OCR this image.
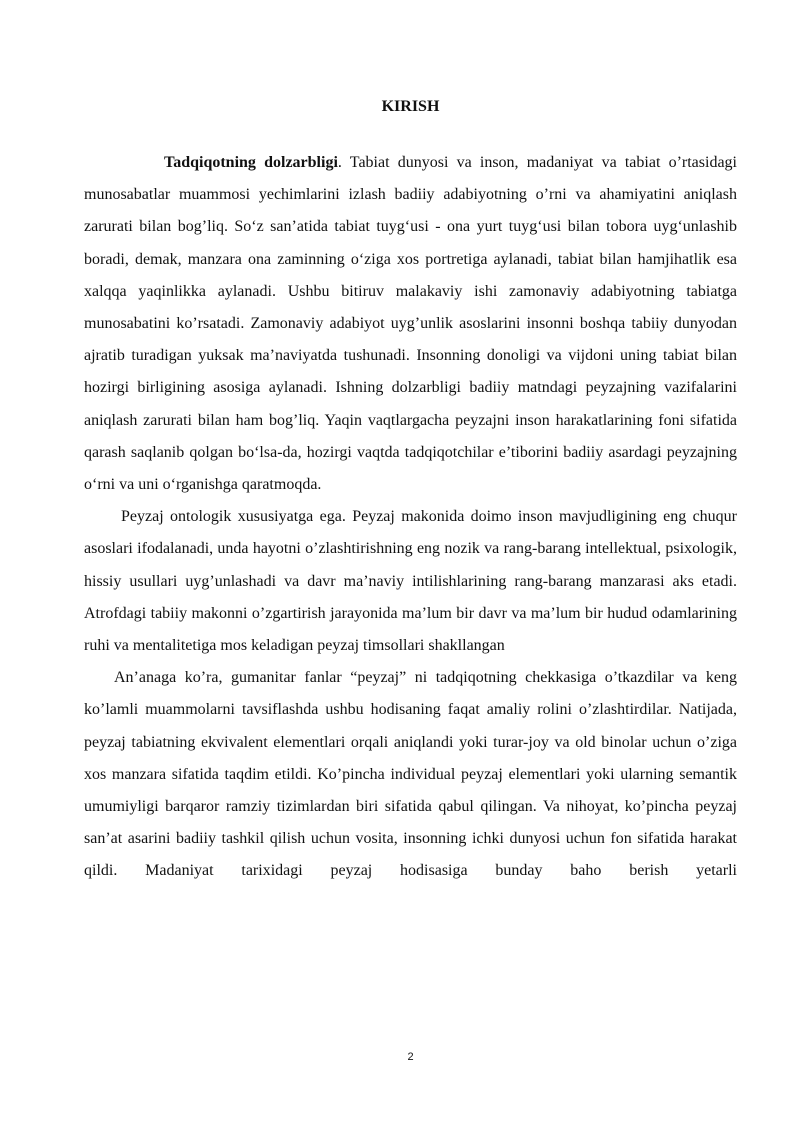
KIRISH

Tadqiqotning dolzarbligi. Tabiat dunyosi va inson, madaniyat va tabiat o’rtasidagi munosabatlar muammosi yechimlarini izlash badiiy adabiyotning o’rni va ahamiyatini aniqlash zarurati bilan bog’liq. So‘z san’atida tabiat tuyg‘usi - ona yurt tuyg‘usi bilan tobora uyg‘unlashib boradi, demak, manzara ona zaminning o‘ziga xos portretiga aylanadi, tabiat bilan hamjihatlik esa xalqqa yaqinlikka aylanadi. Ushbu bitiruv malakaviy ishi zamonaviy adabiyotning tabiatga munosabatini ko’rsatadi. Zamonaviy adabiyot uyg’unlik asoslarini insonni boshqa tabiiy dunyodan ajratib turadigan yuksak ma’naviyatda tushunadi. Insonning donoligi va vijdoni uning tabiat bilan hozirgi birligining asosiga aylanadi. Ishning dolzarbligi badiiy matndagi peyzajning vazifalarini aniqlash zarurati bilan ham bog’liq. Yaqin vaqtlargacha peyzajni inson harakatlarining foni sifatida qarash saqlanib qolgan bo‘lsa-da, hozirgi vaqtda tadqiqotchilar e’tiborini badiiy asardagi peyzajning o‘rni va uni o‘rganishga qaratmoqda.

Peyzaj ontologik xususiyatga ega. Peyzaj makonida doimo inson mavjudligining eng chuqur asoslari ifodalanadi, unda hayotni o’zlashtirishning eng nozik va rang-barang intellektual, psixologik, hissiy usullari uyg’unlashadi va davr ma’naviy intilishlarining rang-barang manzarasi aks etadi. Atrofdagi tabiiy makonni o’zgartirish jarayonida ma’lum bir davr va ma’lum bir hudud odamlarining ruhi va mentalitetiga mos keladigan peyzaj timsollari shakllangan

An’anaga ko’ra, gumanitar fanlar “peyzaj” ni tadqiqotning chekkasiga o’tkazdilar va keng ko’lamli muammolarni tavsiflashda ushbu hodisaning faqat amaliy rolini o’zlashtirdilar. Natijada, peyzaj tabiatning ekvivalent elementlari orqali aniqlandi yoki turar-joy va old binolar uchun o’ziga xos manzara sifatida taqdim etildi. Ko’pincha individual peyzaj elementlari yoki ularning semantik umumiyligi barqaror ramziy tizimlardan biri sifatida qabul qilingan. Va nihoyat, ko’pincha peyzaj san’at asarini badiiy tashkil qilish uchun vosita, insonning ichki dunyosi uchun fon sifatida harakat qildi. Madaniyat tarixidagi peyzaj hodisasiga bunday baho berish yetarli

2
